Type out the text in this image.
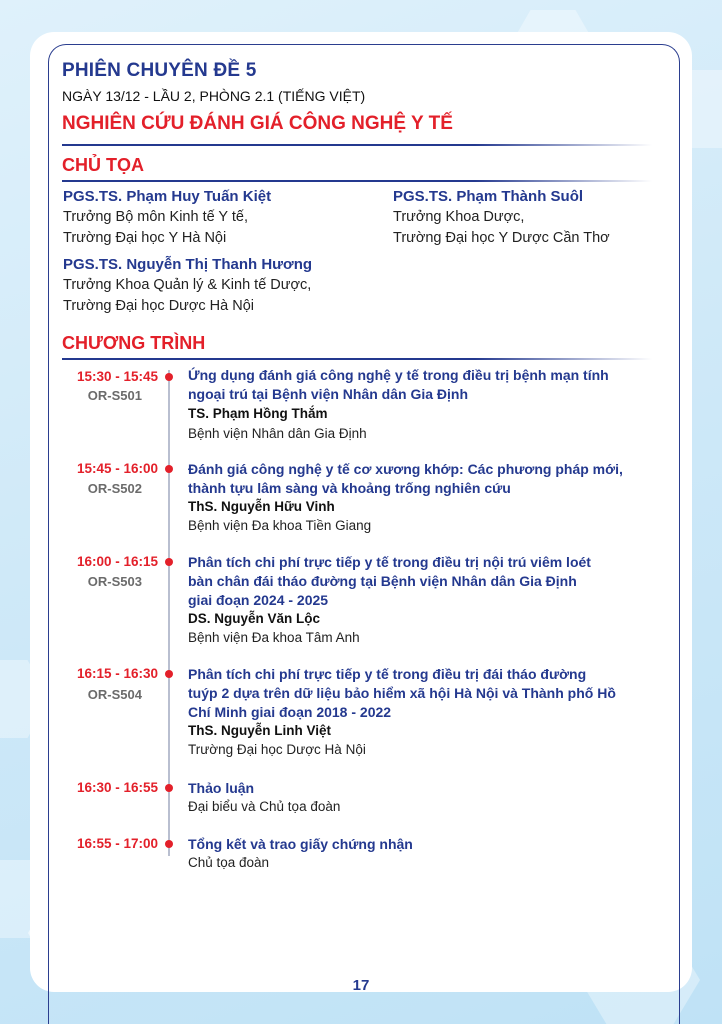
PHIÊN CHUYÊN ĐỀ 5
NGÀY 13/12 - LẦU 2, PHÒNG 2.1 (TIẾNG VIỆT)
NGHIÊN CỨU ĐÁNH GIÁ CÔNG NGHỆ Y TẾ
CHỦ TỌA
PGS.TS. Phạm Huy Tuấn Kiệt
Trưởng Bộ môn Kinh tế Y tế,
Trường Đại học Y Hà Nội
PGS.TS. Phạm Thành Suôl
Trưởng Khoa Dược,
Trường Đại học Y Dược Cần Thơ
PGS.TS. Nguyễn Thị Thanh Hương
Trưởng Khoa Quản lý & Kinh tế Dược,
Trường Đại học Dược Hà Nội
CHƯƠNG TRÌNH
15:30 - 15:45
OR-S501
Ứng dụng đánh giá công nghệ y tế trong điều trị bệnh mạn tính
ngoại trú tại Bệnh viện Nhân dân Gia Định
TS. Phạm Hồng Thắm
Bệnh viện Nhân dân Gia Định
15:45 - 16:00
OR-S502
Đánh giá công nghệ y tế cơ xương khớp: Các phương pháp mới,
thành tựu lâm sàng và khoảng trống nghiên cứu
ThS. Nguyễn Hữu Vinh
Bệnh viện Đa khoa Tiền Giang
16:00 - 16:15
OR-S503
Phân tích chi phí trực tiếp y tế trong điều trị nội trú viêm loét
bàn chân đái tháo đường tại Bệnh viện Nhân dân Gia Định
giai đoạn 2024 - 2025
DS. Nguyễn Văn Lộc
Bệnh viện Đa khoa Tâm Anh
16:15 - 16:30
OR-S504
Phân tích chi phí trực tiếp y tế trong điều trị đái tháo đường
tuýp 2 dựa trên dữ liệu bảo hiểm xã hội Hà Nội và Thành phố Hồ
Chí Minh giai đoạn 2018 - 2022
ThS. Nguyễn Linh Việt
Trường Đại học Dược Hà Nội
16:30 - 16:55 Thảo luận
Đại biểu và Chủ tọa đoàn
16:55 - 17:00 Tổng kết và trao giấy chứng nhận
Chủ tọa đoàn
17
